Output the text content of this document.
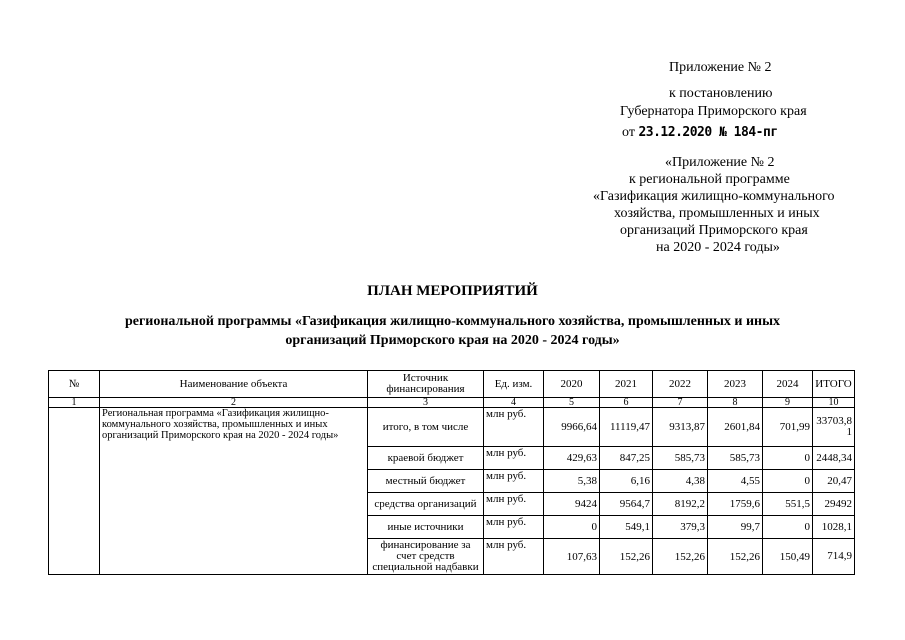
Приложение № 2
к постановлению
Губернатора Приморского края
от 23.12.2020 № 184-пг
«Приложение № 2
к региональной программе
«Газификация жилищно-коммунального
хозяйства, промышленных и иных
организаций Приморского края
на 2020 - 2024 годы»
ПЛАН МЕРОПРИЯТИЙ
региональной программы «Газификация жилищно-коммунального хозяйства, промышленных и иных
организаций Приморского края на 2020 - 2024 годы»
№	Наименование объекта	Источник финансирования	Ед. изм.	2020	2021	2022	2023	2024	ИТОГО
1	2	3	4	5	6	7	8	9	10
	Региональная программа «Газификация жилищно-коммунального хозяйства, промышленных и иных организаций Приморского края на 2020 - 2024 годы»	итого, в том числе	млн руб.	9966,64	11119,47	9313,87	2601,84	701,99	33703,81
		краевой бюджет	млн руб.	429,63	847,25	585,73	585,73	0	2448,34
		местный бюджет	млн руб.	5,38	6,16	4,38	4,55	0	20,47
		средства организаций	млн руб.	9424	9564,7	8192,2	1759,6	551,5	29492
		иные источники	млн руб.	0	549,1	379,3	99,7	0	1028,1
		финансирование за счет средств специальной надбавки	млн руб.	107,63	152,26	152,26	152,26	150,49	714,9
